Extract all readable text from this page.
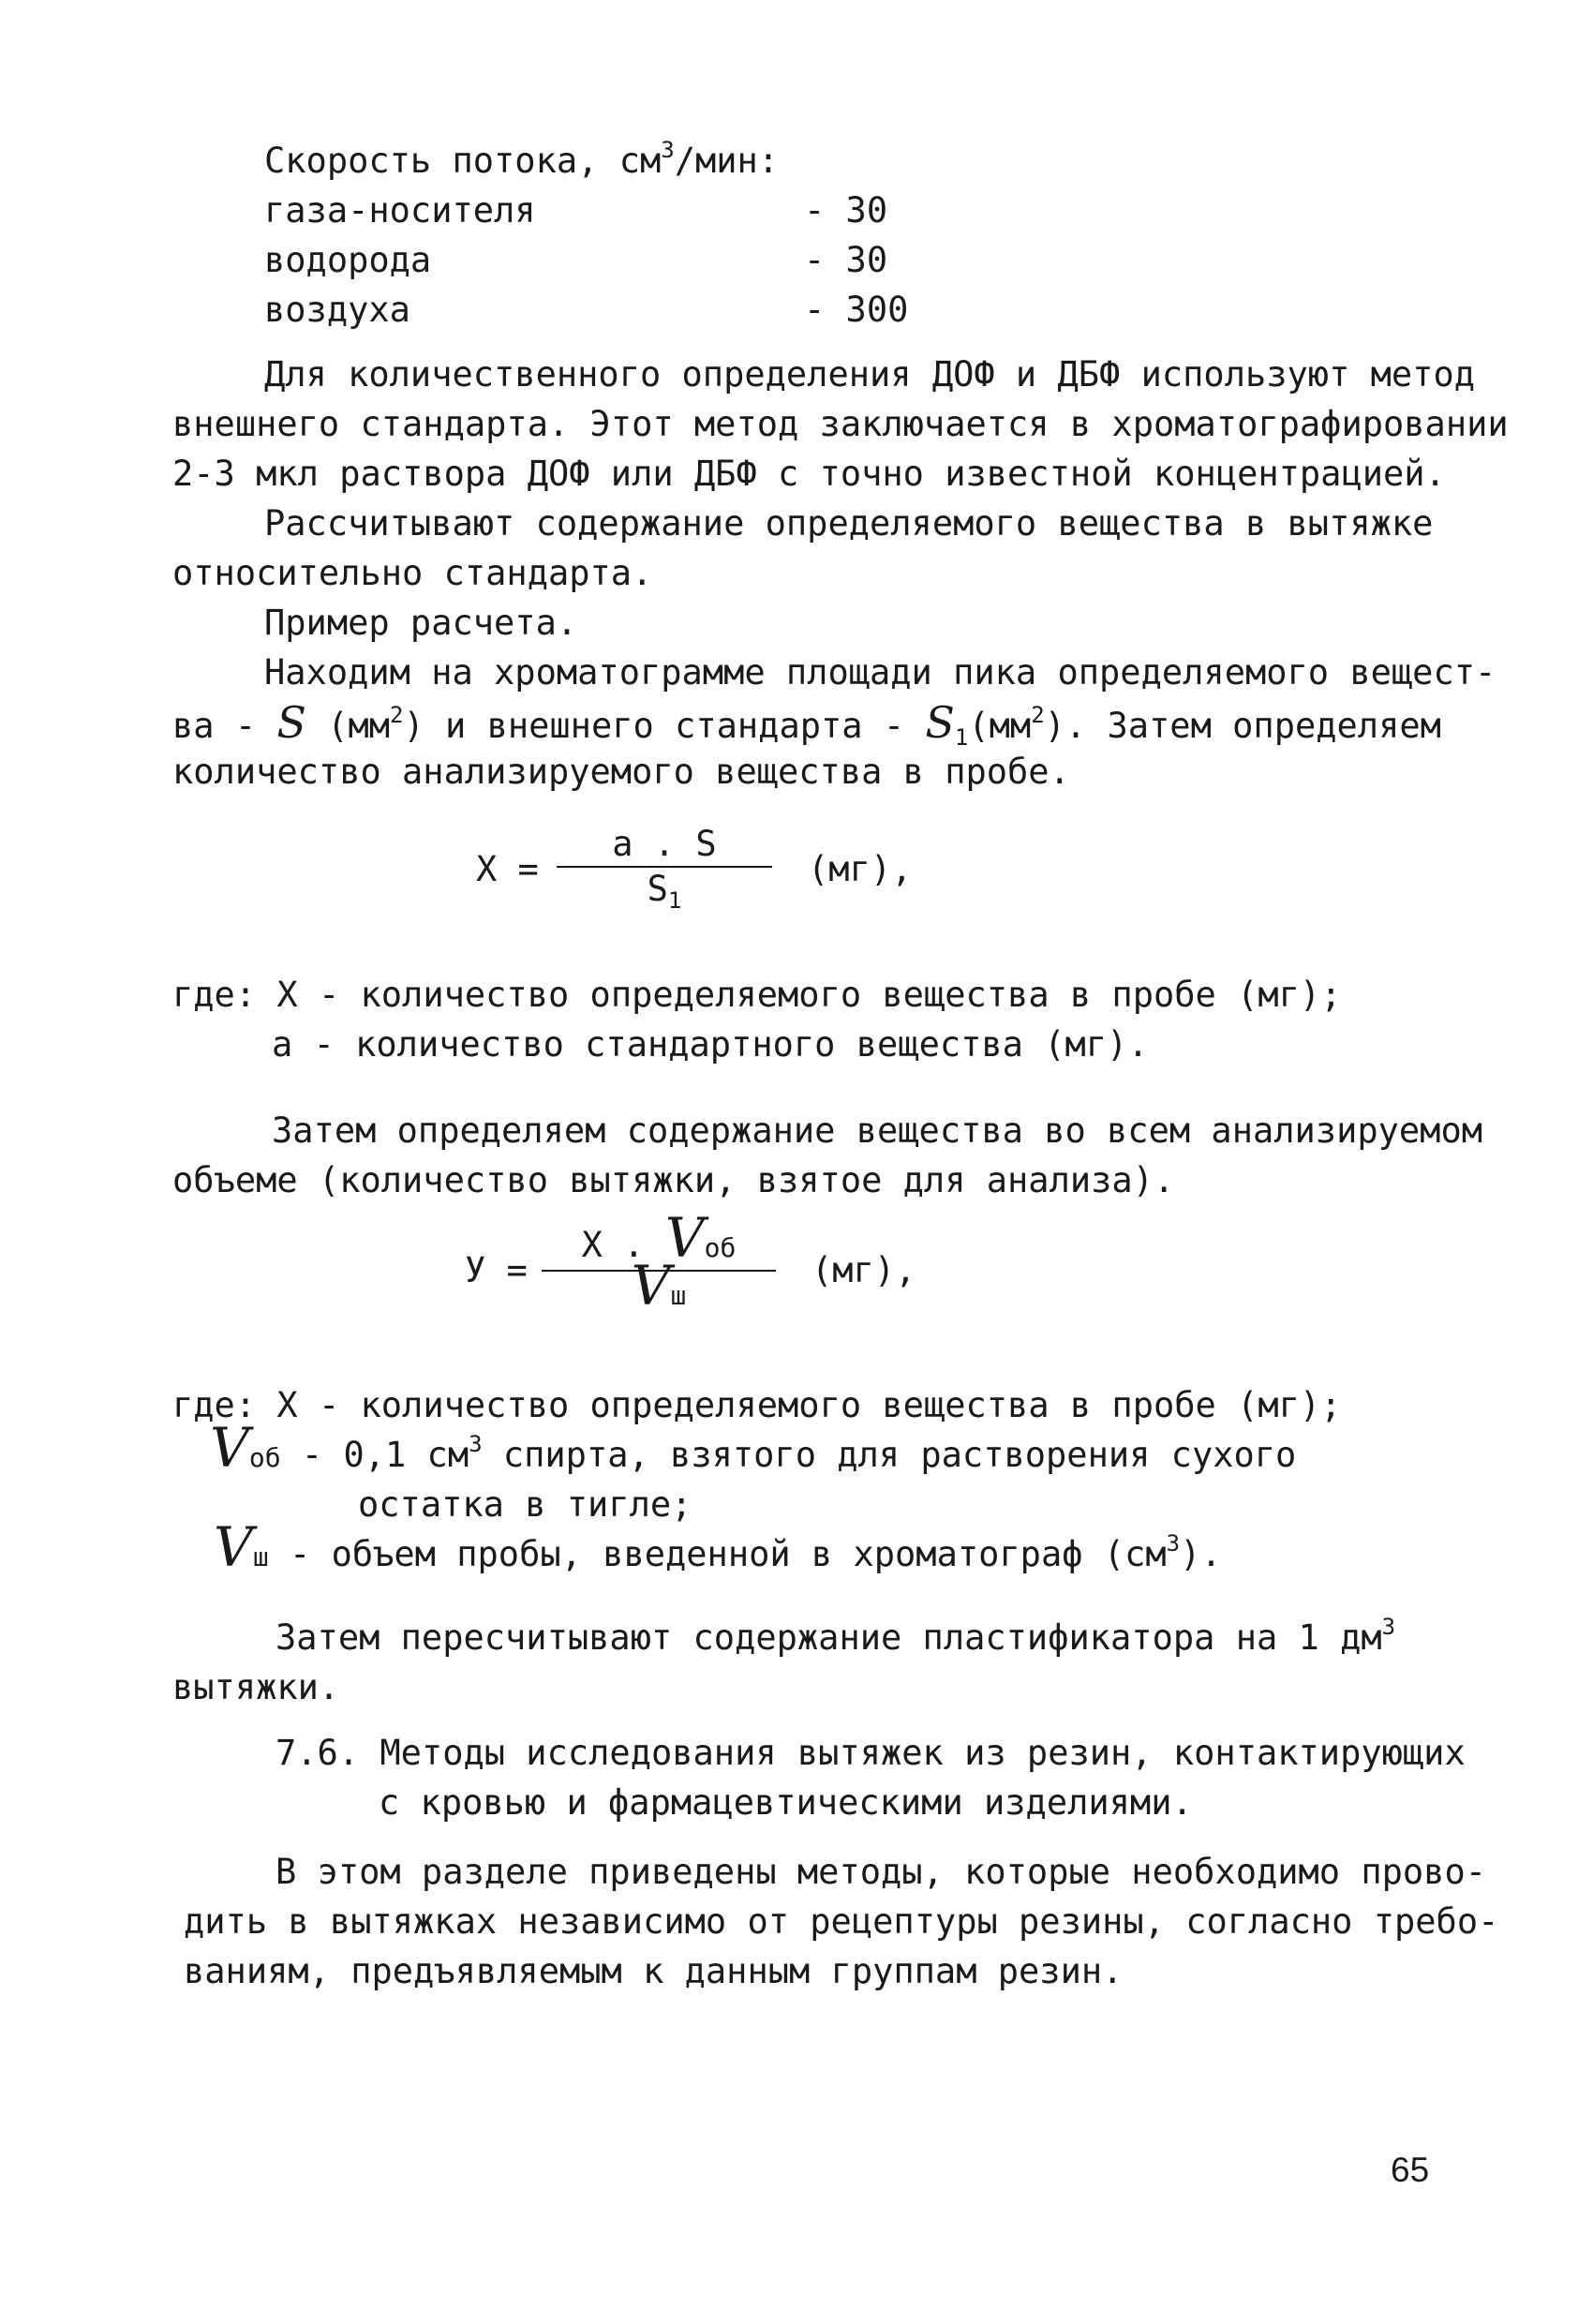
Скорость потока, $см^3$/мин:
газа-носителя	- 30
водорода	- 30
воздуха	- 300
Для количественного определения ДОФ и ДБФ используют метод
внешнего стандарта. Этот метод заключается в хроматографировании
2-3 мкл раствора ДОФ или ДБФ с точно известной концентрацией.
Рассчитывают содержание определяемого вещества в вытяжке
относительно стандарта.
Пример расчета.
Находим на хроматограмме площади пика определяемого вещест-
ва - S $(мм^2)$ и внешнего стандарта - $S_1(мм^2)$. Затем определяем
количество анализируемого вещества в пробе.
X =
a . S
$S_1$
(мг),
где: X - количество определяемого вещества в пробе (мг);
а - количество стандартного вещества (мг).
Затем определяем содержание вещества во всем анализируемом
объеме (количество вытяжки, взятое для анализа).
У =
X . Vоб
Vш
(мг),
где: X - количество определяемого вещества в пробе (мг);
Vоб - 0,1 $см^3$ спирта, взятого для растворения сухого
остатка в тигле;
Vш - объем пробы, введенной в хроматограф $(см^3)$.
Затем пересчитывают содержание пластификатора на 1 $дм^3$
вытяжки.
7.6. Методы исследования вытяжек из резин, контактирующих
с кровью и фармацевтическими изделиями.
В этом разделе приведены методы, которые необходимо прово-
дить в вытяжках независимо от рецептуры резины, согласно требо-
ваниям, предъявляемым к данным группам резин.
65
